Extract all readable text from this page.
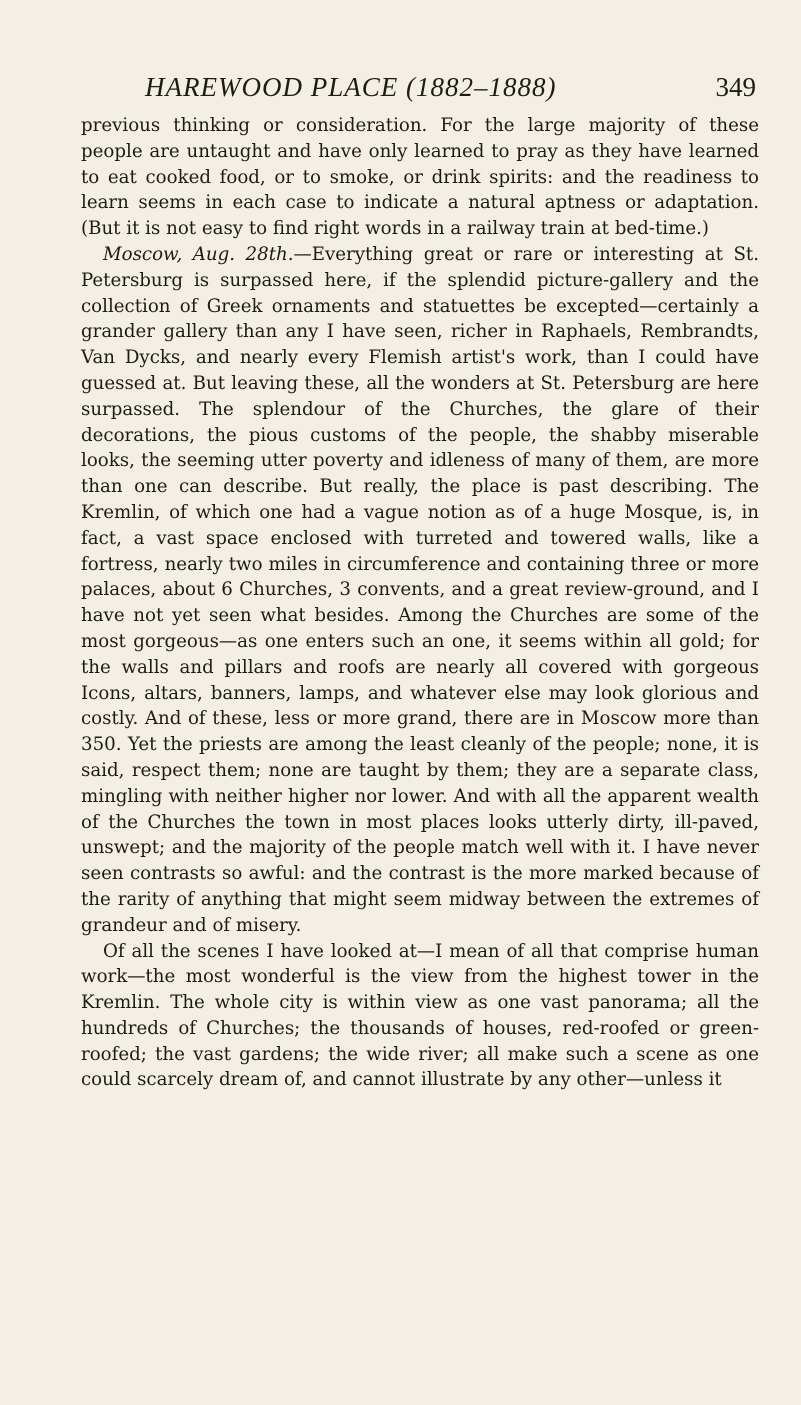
HAREWOOD PLACE (1882–1888)	349

previous thinking or consideration. For the large majority of these people are untaught and have only learned to pray as they have learned to eat cooked food, or to smoke, or drink spirits: and the readiness to learn seems in each case to indicate a natural aptness or adaptation. (But it is not easy to find right words in a railway train at bed-time.)

Moscow, Aug. 28th.—Everything great or rare or interesting at St. Petersburg is surpassed here, if the splendid picture-gallery and the collection of Greek ornaments and statuettes be excepted—certainly a grander gallery than any I have seen, richer in Raphaels, Rembrandts, Van Dycks, and nearly every Flemish artist's work, than I could have guessed at. But leaving these, all the wonders at St. Petersburg are here surpassed. The splendour of the Churches, the glare of their decorations, the pious customs of the people, the shabby miserable looks, the seeming utter poverty and idleness of many of them, are more than one can describe. But really, the place is past describing. The Kremlin, of which one had a vague notion as of a huge Mosque, is, in fact, a vast space enclosed with turreted and towered walls, like a fortress, nearly two miles in circumference and containing three or more palaces, about 6 Churches, 3 convents, and a great review-ground, and I have not yet seen what besides. Among the Churches are some of the most gorgeous—as one enters such an one, it seems within all gold; for the walls and pillars and roofs are nearly all covered with gorgeous Icons, altars, banners, lamps, and whatever else may look glorious and costly. And of these, less or more grand, there are in Moscow more than 350. Yet the priests are among the least cleanly of the people; none, it is said, respect them; none are taught by them; they are a separate class, mingling with neither higher nor lower. And with all the apparent wealth of the Churches the town in most places looks utterly dirty, ill-paved, unswept; and the majority of the people match well with it. I have never seen contrasts so awful: and the contrast is the more marked because of the rarity of anything that might seem midway between the extremes of grandeur and of misery.

Of all the scenes I have looked at—I mean of all that comprise human work—the most wonderful is the view from the highest tower in the Kremlin. The whole city is within view as one vast panorama; all the hundreds of Churches; the thousands of houses, red-roofed or green-roofed; the vast gardens; the wide river; all make such a scene as one could scarcely dream of, and cannot illustrate by any other—unless it
